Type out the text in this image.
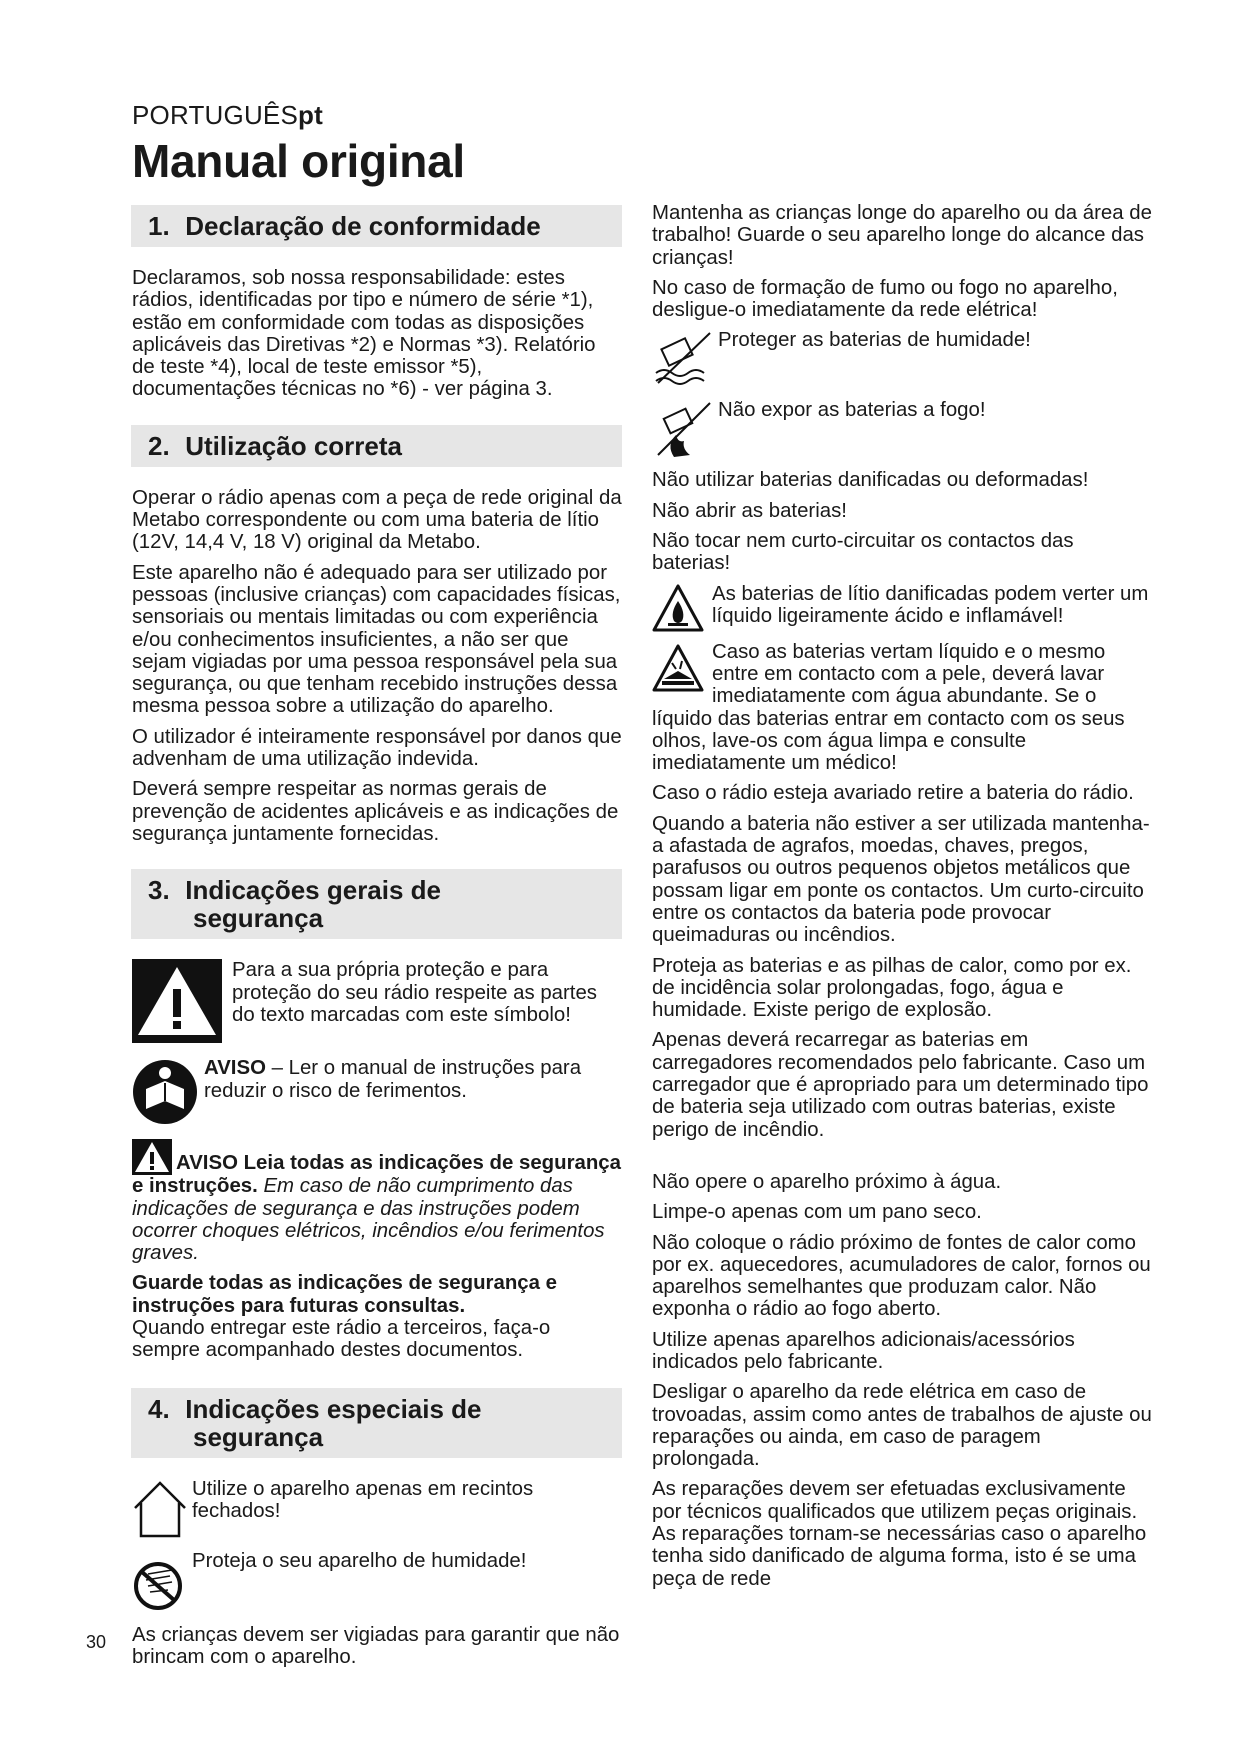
PORTUGUÊSpt
Manual original
1. Declaração de conformidade

Declaramos, sob nossa responsabilidade: estes rádios, identificadas por tipo e número de série *1), estão em conformidade com todas as disposições aplicáveis das Diretivas *2) e Normas *3). Relatório de teste *4), local de teste emissor *5), documentações técnicas no *6) - ver página 3.

2. Utilização correta

Operar o rádio apenas com a peça de rede original da Metabo correspondente ou com uma bateria de lítio (12V, 14,4 V, 18 V) original da Metabo.

Este aparelho não é adequado para ser utilizado por pessoas (inclusive crianças) com capacidades físicas, sensoriais ou mentais limitadas ou com experiência e/ou conhecimentos insuficientes, a não ser que sejam vigiadas por uma pessoa responsável pela sua segurança, ou que tenham recebido instruções dessa mesma pessoa sobre a utilização do aparelho.

O utilizador é inteiramente responsável por danos que advenham de uma utilização indevida.

Deverá sempre respeitar as normas gerais de prevenção de acidentes aplicáveis e as indicações de segurança juntamente fornecidas.

3. Indicações gerais de
segurança
Para a sua própria proteção e para proteção do seu rádio respeite as partes do texto marcadas com este símbolo!
AVISO – Ler o manual de instruções para reduzir o risco de ferimentos.

AVISO Leia todas as indicações de segurança e instruções. Em caso de não cumprimento das indicações de segurança e das instruções podem ocorrer choques elétricos, incêndios e/ou ferimentos graves.

Guarde todas as indicações de segurança e instruções para futuras consultas.
Quando entregar este rádio a terceiros, faça-o sempre acompanhado destes documentos.

4. Indicações especiais de
segurança
Utilize o aparelho apenas em recintos fechados!
Proteja o seu aparelho de humidade!

As crianças devem ser vigiadas para garantir que não brincam com o aparelho.

Mantenha as crianças longe do aparelho ou da área de trabalho! Guarde o seu aparelho longe do alcance das crianças!

No caso de formação de fumo ou fogo no aparelho, desligue-o imediatamente da rede elétrica!

Proteger as baterias de humidade!
Não expor as baterias a fogo!

Não utilizar baterias danificadas ou deformadas!

Não abrir as baterias!

Não tocar nem curto-circuitar os contactos das baterias!

As baterias de lítio danificadas podem verter um líquido ligeiramente ácido e inflamável!

Caso as baterias vertam líquido e o mesmo entre em contacto com a pele, deverá lavar imediatamente com água abundante. Se o líquido das baterias entrar em contacto com os seus olhos, lave-os com água limpa e consulte imediatamente um médico!

Caso o rádio esteja avariado retire a bateria do rádio.

Quando a bateria não estiver a ser utilizada mantenha-a afastada de agrafos, moedas, chaves, pregos, parafusos ou outros pequenos objetos metálicos que possam ligar em ponte os contactos. Um curto-circuito entre os contactos da bateria pode provocar queimaduras ou incêndios.

Proteja as baterias e as pilhas de calor, como por ex. de incidência solar prolongadas, fogo, água e humidade. Existe perigo de explosão.

Apenas deverá recarregar as baterias em carregadores recomendados pelo fabricante. Caso um carregador que é apropriado para um determinado tipo de bateria seja utilizado com outras baterias, existe perigo de incêndio.

Não opere o aparelho próximo à água.

Limpe-o apenas com um pano seco.

Não coloque o rádio próximo de fontes de calor como por ex. aquecedores, acumuladores de calor, fornos ou aparelhos semelhantes que produzam calor. Não exponha o rádio ao fogo aberto.

Utilize apenas aparelhos adicionais/acessórios indicados pelo fabricante.

Desligar o aparelho da rede elétrica em caso de trovoadas, assim como antes de trabalhos de ajuste ou reparações ou ainda, em caso de paragem prolongada.

As reparações devem ser efetuadas exclusivamente por técnicos qualificados que utilizem peças originais. As reparações tornam-se necessárias caso o aparelho tenha sido danificado de alguma forma, isto é se uma peça de rede

30
